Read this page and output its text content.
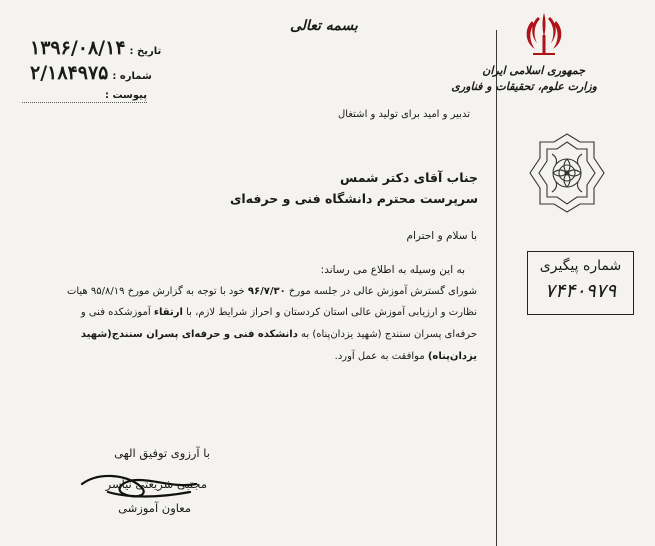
جمهوری اسلامی ایران
وزارت علوم، تحقیقات و فناوری
بسمه تعالی
۱۳۹۶/۰۸/۱۴ تاریخ :
۲/۱۸۴۹۷۵ شماره :
پیوست :
تدبیر و امید برای تولید و اشتغال
شماره پیگیری
۷۴۴۰۹۷۹
جناب آقای دکتر شمس
سرپرست محترم دانشگاه فنی و حرفه‌ای
با سلام و احترام
به این وسیله به اطلاع می رساند:
شورای گسترش آموزش عالی در جلسه مورخ ۹۶/۷/۳۰ خود با توجه به گزارش مورخ ۹۵/۸/۱۹ هیات
نظارت و ارزیابی آموزش عالی استان کردستان و احراز شرایط لازم، با ارتقاء آموزشکده فنی و
حرفه‌ای پسران سنندج (شهید یزدان‌پناه) به دانشکده فنی و حرفه‌ای پسران سنندج(شهید
یزدان‌پناه) موافقت به عمل آورد.
با آرزوی توفیق الهی
مجتبی شریعتی نیاسر
معاون آموزشی
